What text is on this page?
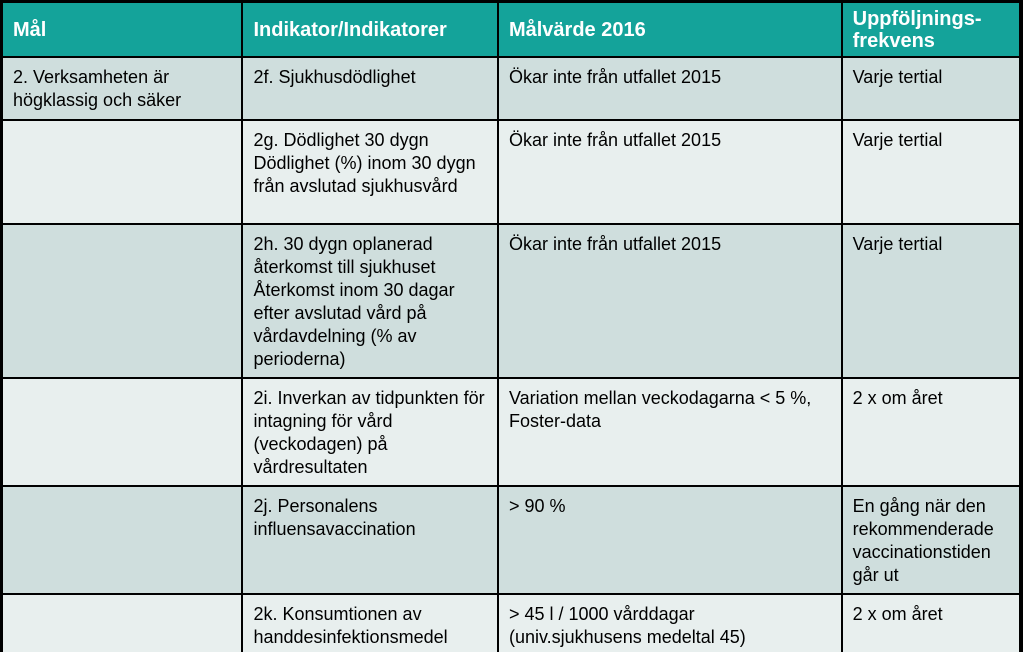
Mål	Indikator/Indikatorer	Målvärde 2016	Uppföljnings-frekvens
2. Verksamheten är högklassig och säker	2f. Sjukhusdödlighet	Ökar inte från utfallet 2015	Varje tertial
	2g. Dödlighet 30 dygn Dödlighet (%) inom 30 dygn från avslutad sjukhusvård	Ökar inte från utfallet 2015	Varje tertial
	2h. 30 dygn oplanerad återkomst till sjukhuset Återkomst inom 30 dagar efter avslutad vård på vårdavdelning (% av perioderna)	Ökar inte från utfallet 2015	Varje tertial
	2i. Inverkan av tidpunkten för intagning för vård (veckodagen) på vårdresultaten	Variation mellan veckodagarna < 5 %, Foster-data	2 x om året
	2j. Personalens influensavaccination	> 90 %	En gång när den rekommenderade vaccinationstiden går ut
	2k. Konsumtionen av handdesinfektionsmedel	> 45 l / 1000 vårddagar (univ.sjukhusens medeltal 45)	2 x om året
